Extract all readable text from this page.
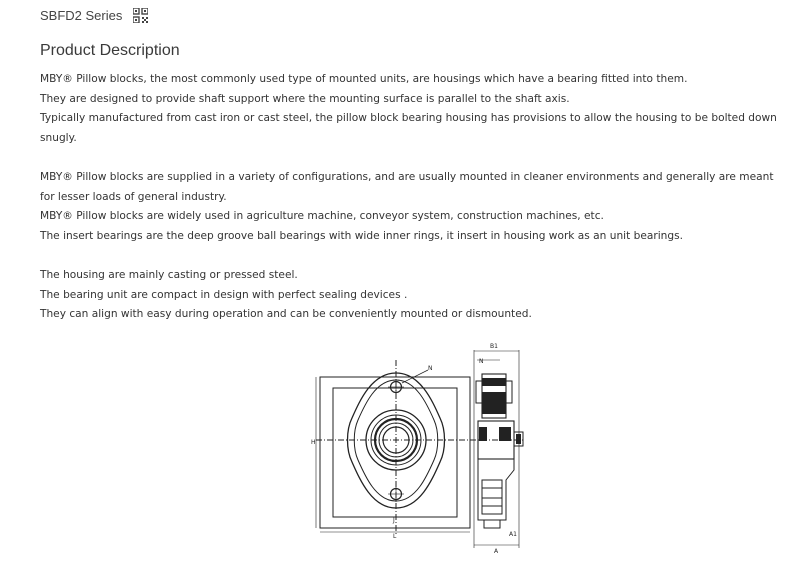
SBFD2 Series
Product Description

MBY® Pillow blocks, the most commonly used type of mounted units, are housings which have a bearing fitted into them.

They are designed to provide shaft support where the mounting surface is parallel to the shaft axis.

Typically manufactured from cast iron or cast steel, the pillow block bearing housing has provisions to allow the housing to be bolted down snugly.

MBY® Pillow blocks are supplied in a variety of configurations, and are usually mounted in cleaner environments and generally are meant for lesser loads of general industry.

MBY® Pillow blocks are widely used in agriculture machine, conveyor system, construction machines, etc.

The insert bearings are the deep groove ball bearings with wide inner rings, it insert in housing work as an unit bearings.

The housing are mainly casting or pressed steel.

The bearing unit are compact in design with perfect sealing devices .

They can align with easy during operation and can be conveniently mounted or dismounted.

L
N
H
J
B1
N
A
A1
